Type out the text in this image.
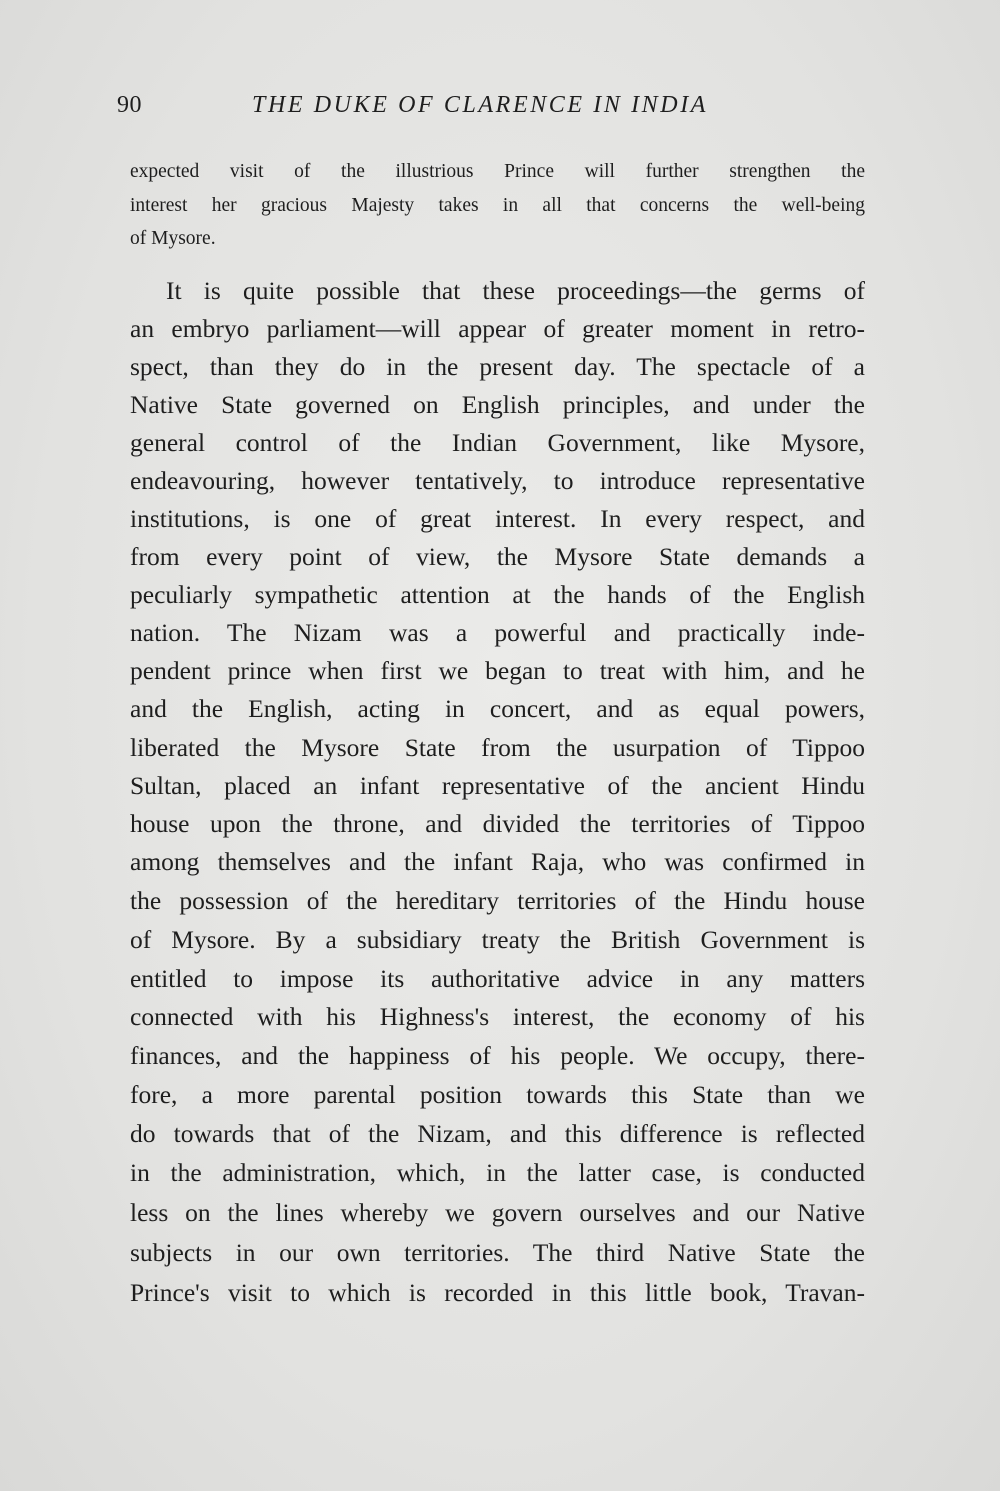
90	THE DUKE OF CLARENCE IN INDIA
expected visit of the illustrious Prince will further strengthen the
interest her gracious Majesty takes in all that concerns the well-being
of Mysore.
It is quite possible that these proceedings—the germs of
an embryo parliament—will appear of greater moment in retro-
spect, than they do in the present day. The spectacle of a
Native State governed on English principles, and under the
general control of the Indian Government, like Mysore,
endeavouring, however tentatively, to introduce representative
institutions, is one of great interest. In every respect, and
from every point of view, the Mysore State demands a
peculiarly sympathetic attention at the hands of the English
nation. The Nizam was a powerful and practically inde-
pendent prince when first we began to treat with him, and he
and the English, acting in concert, and as equal powers,
liberated the Mysore State from the usurpation of Tippoo
Sultan, placed an infant representative of the ancient Hindu
house upon the throne, and divided the territories of Tippoo
among themselves and the infant Raja, who was confirmed in
the possession of the hereditary territories of the Hindu house
of Mysore. By a subsidiary treaty the British Government is
entitled to impose its authoritative advice in any matters
connected with his Highness's interest, the economy of his
finances, and the happiness of his people. We occupy, there-
fore, a more parental position towards this State than we
do towards that of the Nizam, and this difference is reflected
in the administration, which, in the latter case, is conducted
less on the lines whereby we govern ourselves and our Native
subjects in our own territories. The third Native State the
Prince's visit to which is recorded in this little book, Travan-
